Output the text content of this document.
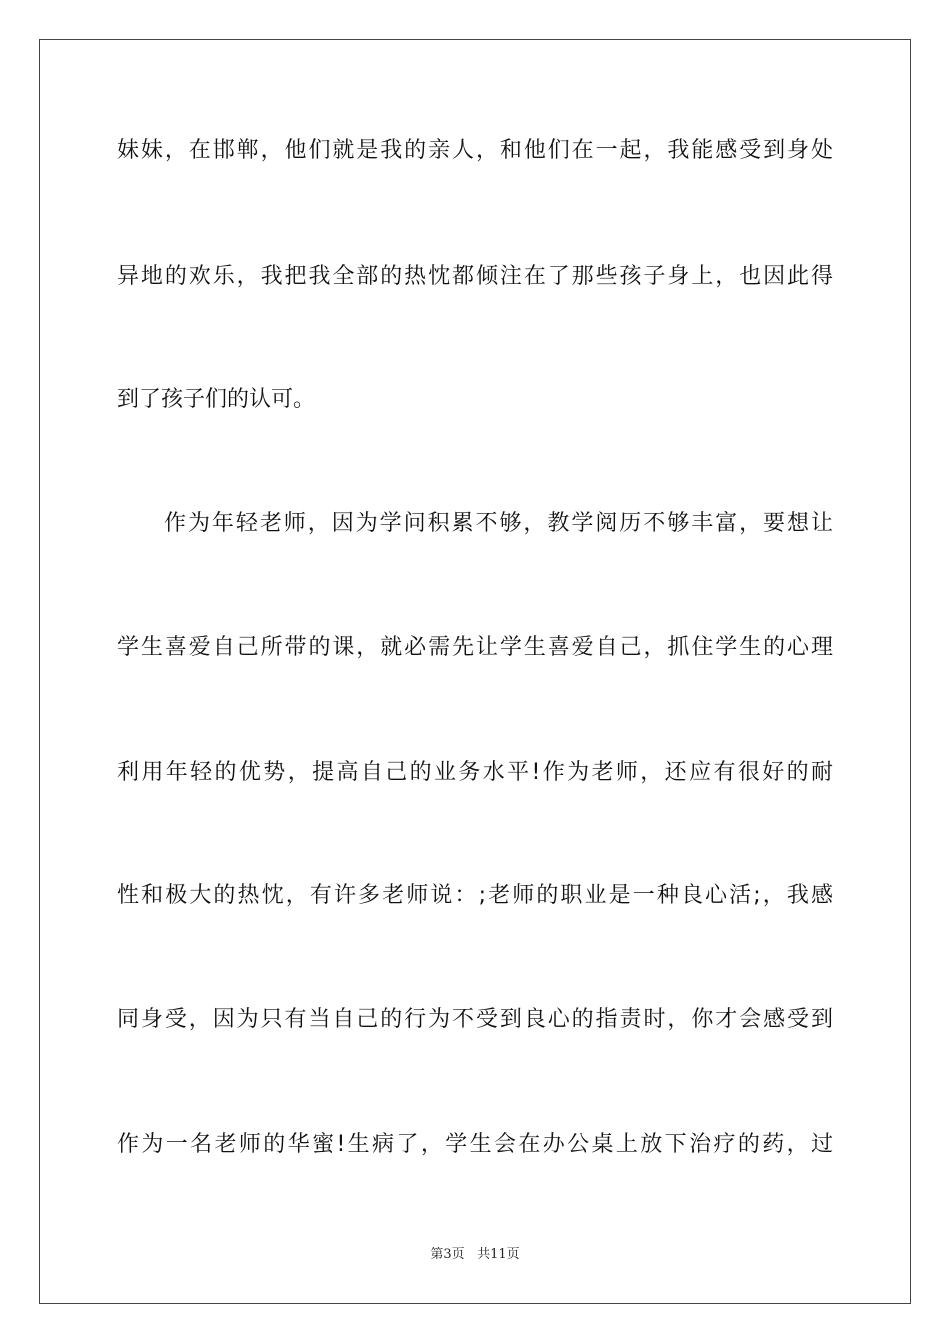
妹妹，在邯郸，他们就是我的亲人，和他们在一起，我能感受到身处
异地的欢乐，我把我全部的热忱都倾注在了那些孩子身上，也因此得
到了孩子们的认可。
作为年轻老师，因为学问积累不够，教学阅历不够丰富，要想让
学生喜爱自己所带的课，就必需先让学生喜爱自己，抓住学生的心理
利用年轻的优势，提高自己的业务水平!作为老师，还应有很好的耐
性和极大的热忱，有许多老师说：;老师的职业是一种良心活;，我感
同身受，因为只有当自己的行为不受到良心的指责时，你才会感受到
作为一名老师的华蜜!生病了，学生会在办公桌上放下治疗的药，过
第3页 共11页
